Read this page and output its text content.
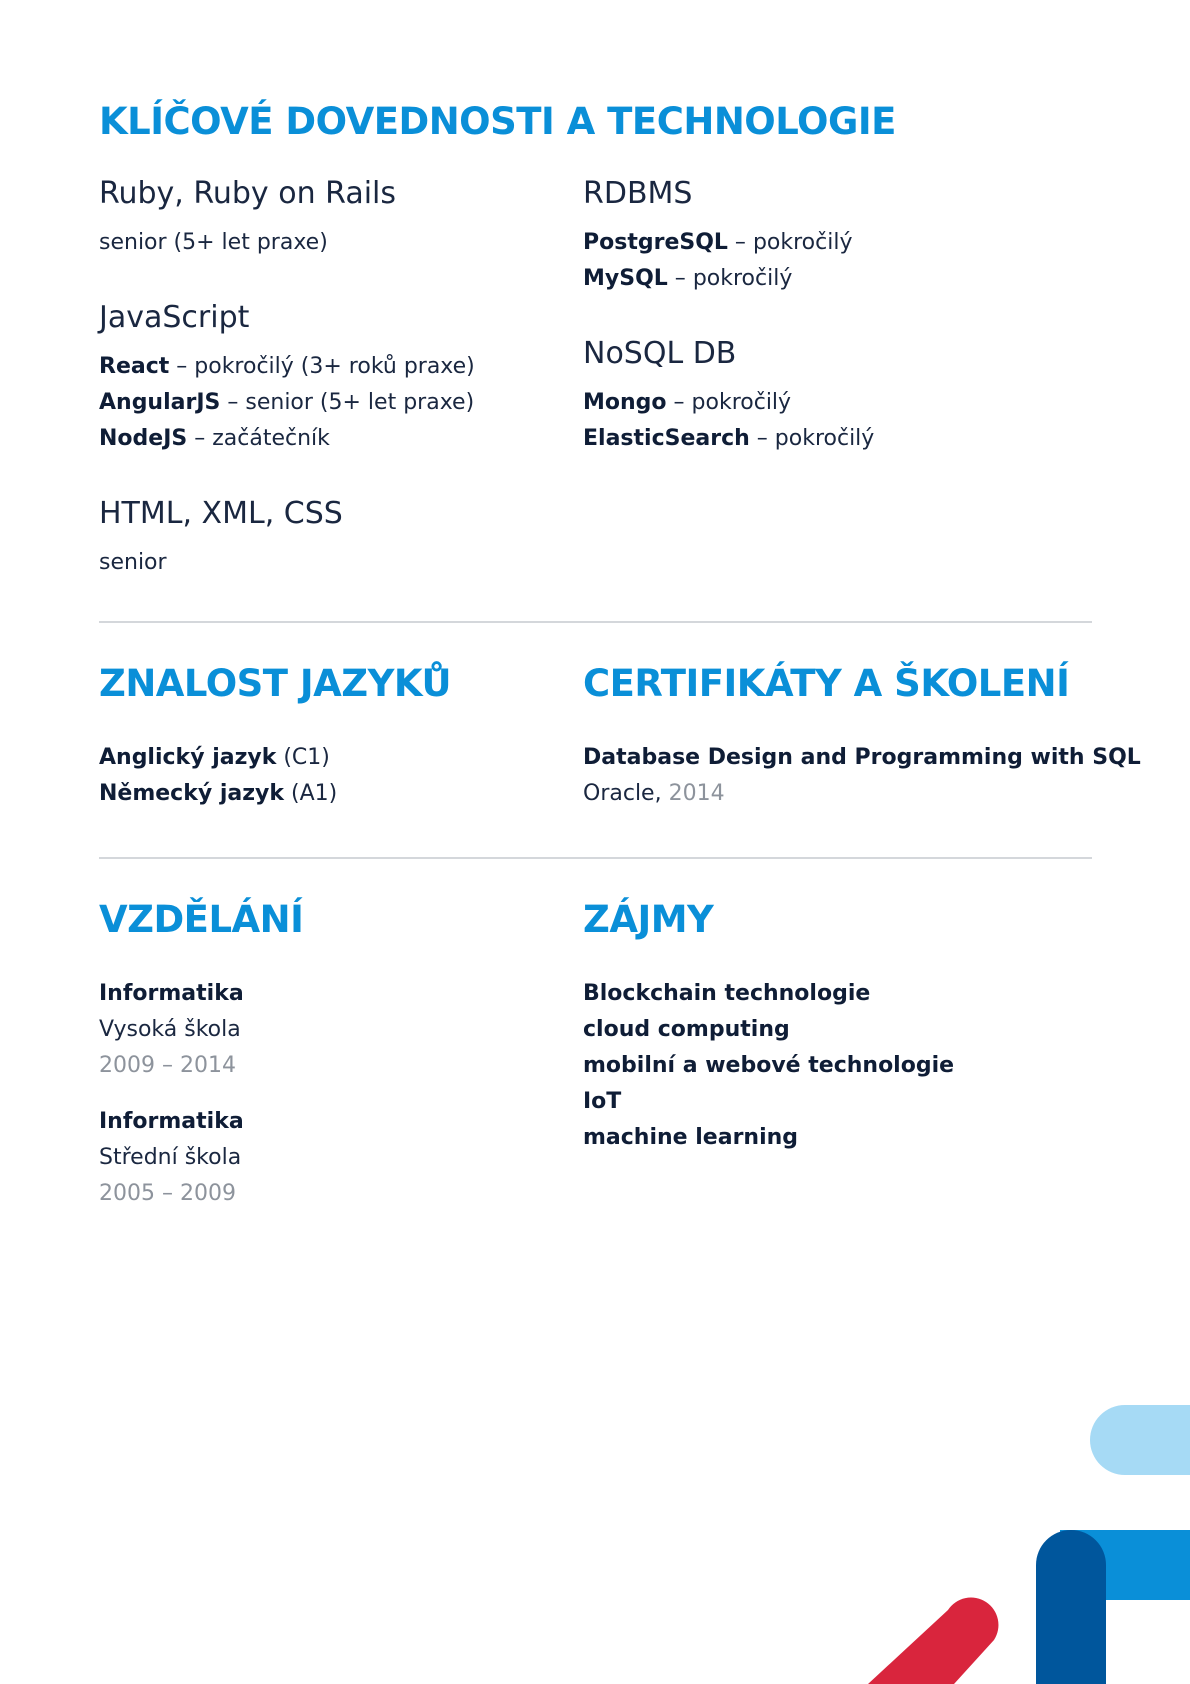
KLÍČOVÉ DOVEDNOSTI A TECHNOLOGIE
Ruby, Ruby on Rails
senior (5+ let praxe)
JavaScript
React – pokročilý (3+ roků praxe)
AngularJS – senior (5+ let praxe)
NodeJS – začátečník
HTML, XML, CSS
senior
RDBMS
PostgreSQL – pokročilý
MySQL – pokročilý
NoSQL DB
Mongo – pokročilý
ElasticSearch – pokročilý
ZNALOST JAZYKŮ
Anglický jazyk (C1)
Německý jazyk (A1)
CERTIFIKÁTY A ŠKOLENÍ
Database Design and Programming with SQL
Oracle, 2014
VZDĚLÁNÍ
Informatika
Vysoká škola
2009 – 2014
Informatika
Střední škola
2005 – 2009
ZÁJMY
Blockchain technologie
cloud computing
mobilní a webové technologie
IoT
machine learning
